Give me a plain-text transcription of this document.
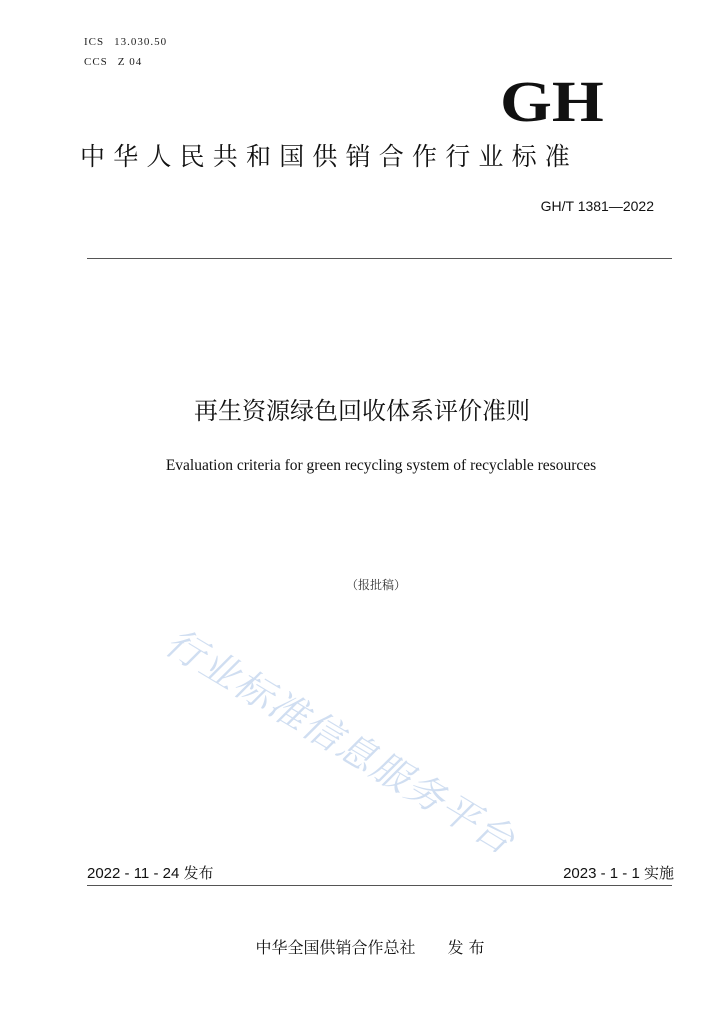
ICS 13.030.50
CCS Z 04
GH
中华人民共和国供销合作行业标准
GH/T 1381—2022
再生资源绿色回收体系评价准则
Evaluation criteria for green recycling system of recyclable resources
（报批稿）
行业标准信息服务平台
2022 - 11 - 24 发布	2023 - 1 - 1 实施
中华全国供销合作总社 发 布
